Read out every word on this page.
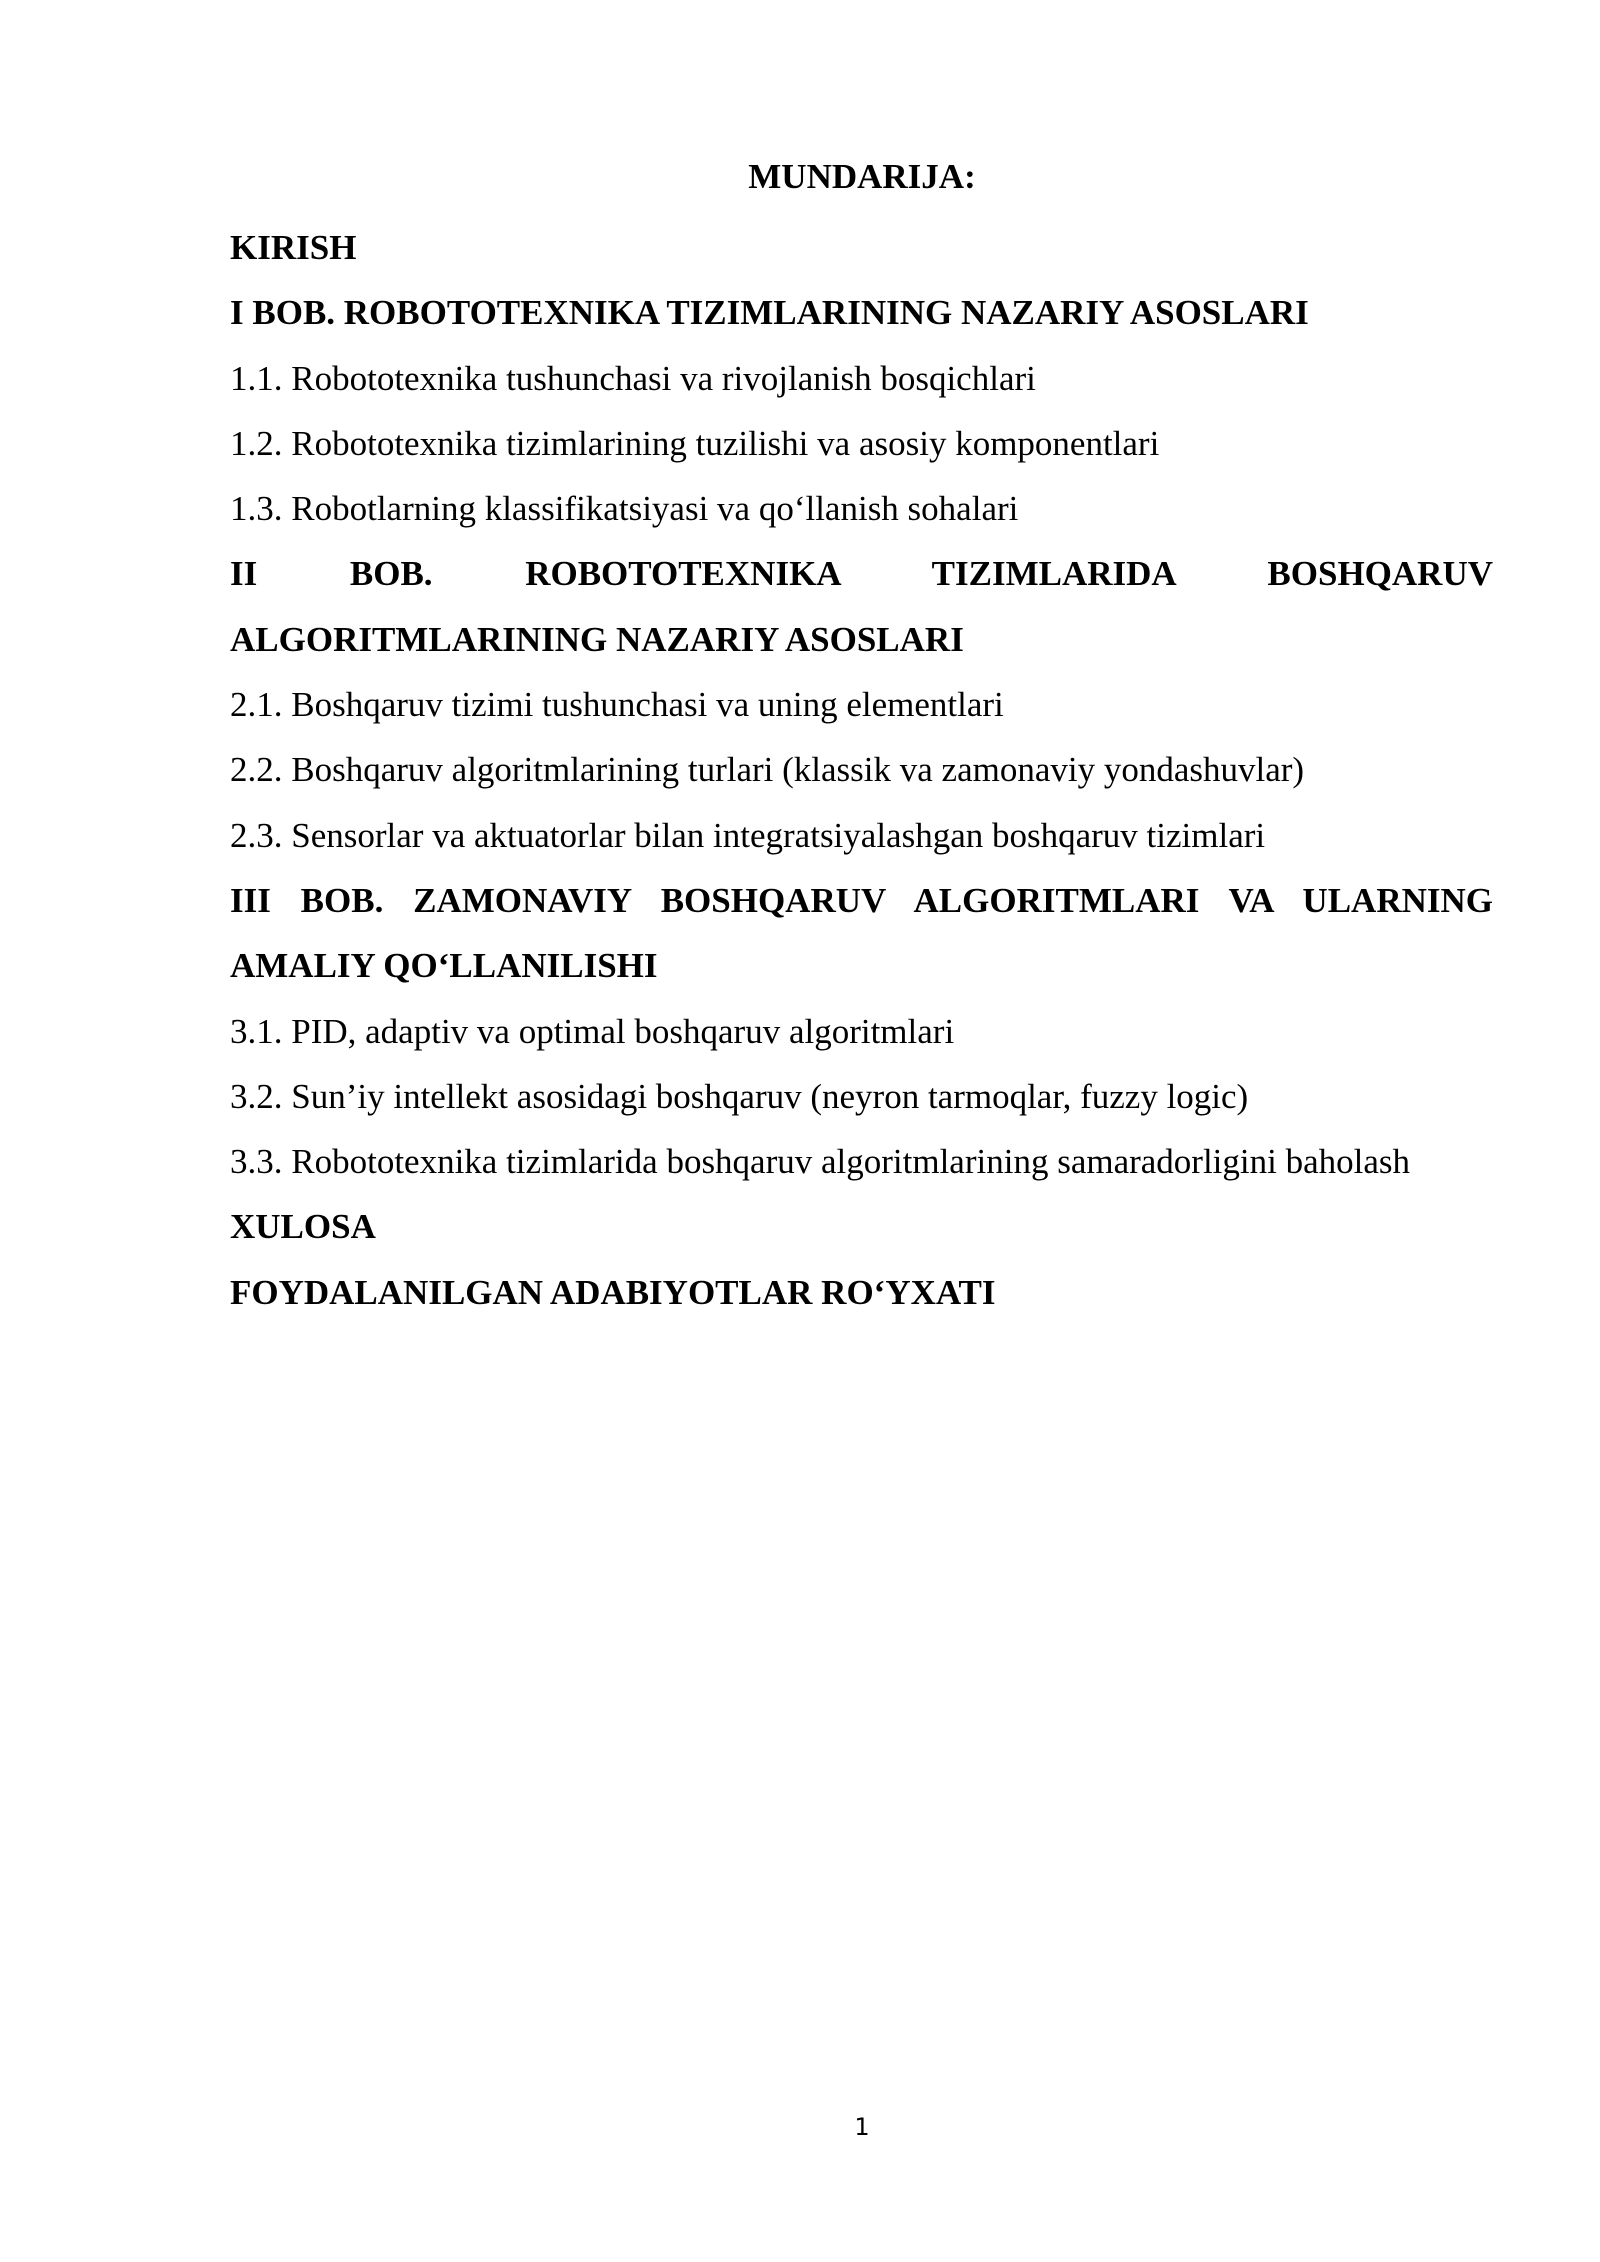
MUNDARIJA:

KIRISH

I BOB. ROBOTOTEXNIKA TIZIMLARINING NAZARIY ASOSLARI

1.1. Robototexnika tushunchasi va rivojlanish bosqichlari

1.2. Robototexnika tizimlarining tuzilishi va asosiy komponentlari

1.3. Robotlarning klassifikatsiyasi va qo‘llanish sohalari

II BOB. ROBOTOTEXNIKA TIZIMLARIDA BOSHQARUV ALGORITMLARINING NAZARIY ASOSLARI

2.1. Boshqaruv tizimi tushunchasi va uning elementlari

2.2. Boshqaruv algoritmlarining turlari (klassik va zamonaviy yondashuvlar)

2.3. Sensorlar va aktuatorlar bilan integratsiyalashgan boshqaruv tizimlari

III BOB. ZAMONAVIY BOSHQARUV ALGORITMLARI VA ULARNING AMALIY QO‘LLANILISHI

3.1. PID, adaptiv va optimal boshqaruv algoritmlari

3.2. Sun’iy intellekt asosidagi boshqaruv (neyron tarmoqlar, fuzzy logic)

3.3. Robototexnika tizimlarida boshqaruv algoritmlarining samaradorligini baholash

XULOSA

FOYDALANILGAN ADABIYOTLAR RO‘YXATI

1
